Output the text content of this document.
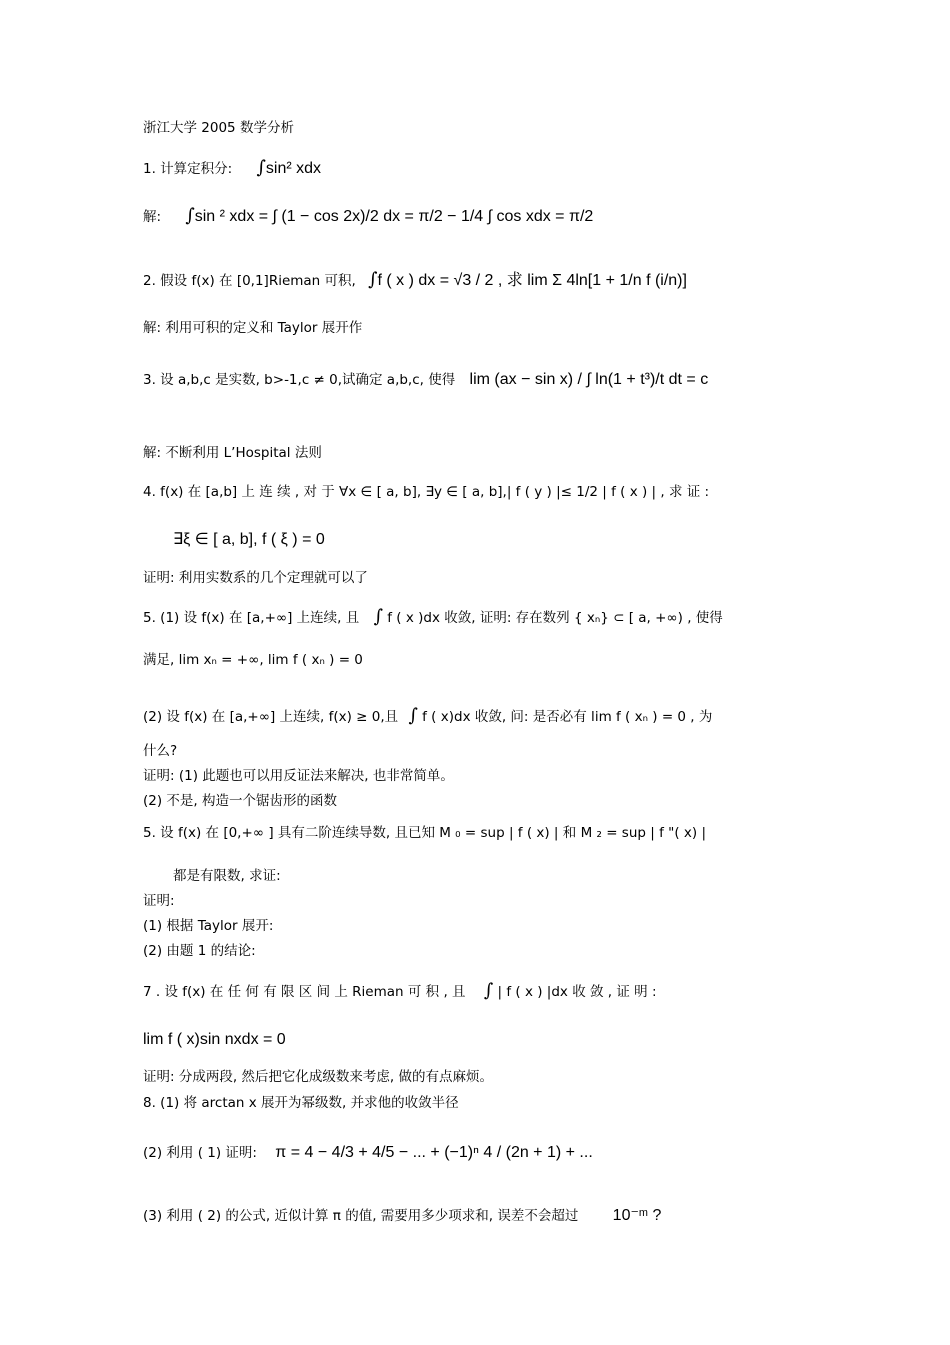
浙江大学 2005 数学分析
1. 计算定积分: ∫sin² xdx
解: ∫sin ² xdx = ∫ (1 − cos 2x)/2 dx = π/2 − 1/4 ∫ cos xdx = π/2
2. 假设 f(x) 在 [0,1]Rieman 可积, ∫f ( x ) dx = √3 / 2 , 求 lim Σ 4ln[1 + 1/n f (i/n)]
解: 利用可积的定义和 Taylor 展开作
3. 设 a,b,c 是实数, b>-1,c ≠ 0,试确定 a,b,c, 使得 lim (ax − sin x) / ∫ ln(1 + t³)/t dt = c
解: 不断利用 L’Hospital 法则
4. f(x) 在 [a,b] 上 连 续 , 对 于 ∀x ∈ [ a, b], ∃y ∈ [ a, b],| f ( y ) |≤ 1/2 | f ( x ) | , 求 证 :
∃ξ ∈ [ a, b], f ( ξ ) = 0
证明: 利用实数系的几个定理就可以了
5. (1) 设 f(x) 在 [a,+∞] 上连续, 且 ∫ f ( x )dx 收敛, 证明: 存在数列 { xₙ} ⊂ [ a, +∞) , 使得
满足, lim xₙ = +∞, lim f ( xₙ ) = 0
(2) 设 f(x) 在 [a,+∞] 上连续, f(x) ≥ 0,且 ∫ f ( x)dx 收敛, 问: 是否必有 lim f ( xₙ ) = 0 , 为
什么?
证明: (1) 此题也可以用反证法来解决, 也非常简单。
(2) 不是, 构造一个锯齿形的函数
5. 设 f(x) 在 [0,+∞ ] 具有二阶连续导数, 且已知 M ₀ = sup | f ( x) | 和 M ₂ = sup | f "( x) |
都是有限数, 求证:
证明:
(1) 根据 Taylor 展开:
(2) 由题 1 的结论:
7 . 设 f(x) 在 任 何 有 限 区 间 上 Rieman 可 积 , 且 ∫ | f ( x ) |dx 收 敛 , 证 明 :
lim f ( x)sin nxdx = 0
证明: 分成两段, 然后把它化成级数来考虑, 做的有点麻烦。
8. (1) 将 arctan x 展开为幂级数, 并求他的收敛半径
(2) 利用 ( 1) 证明: π = 4 − 4/3 + 4/5 − ... + (−1)ⁿ 4 / (2n + 1) + ...
(3) 利用 ( 2) 的公式, 近似计算 π 的值, 需要用多少项求和, 误差不会超过 10⁻ᵐ ?
